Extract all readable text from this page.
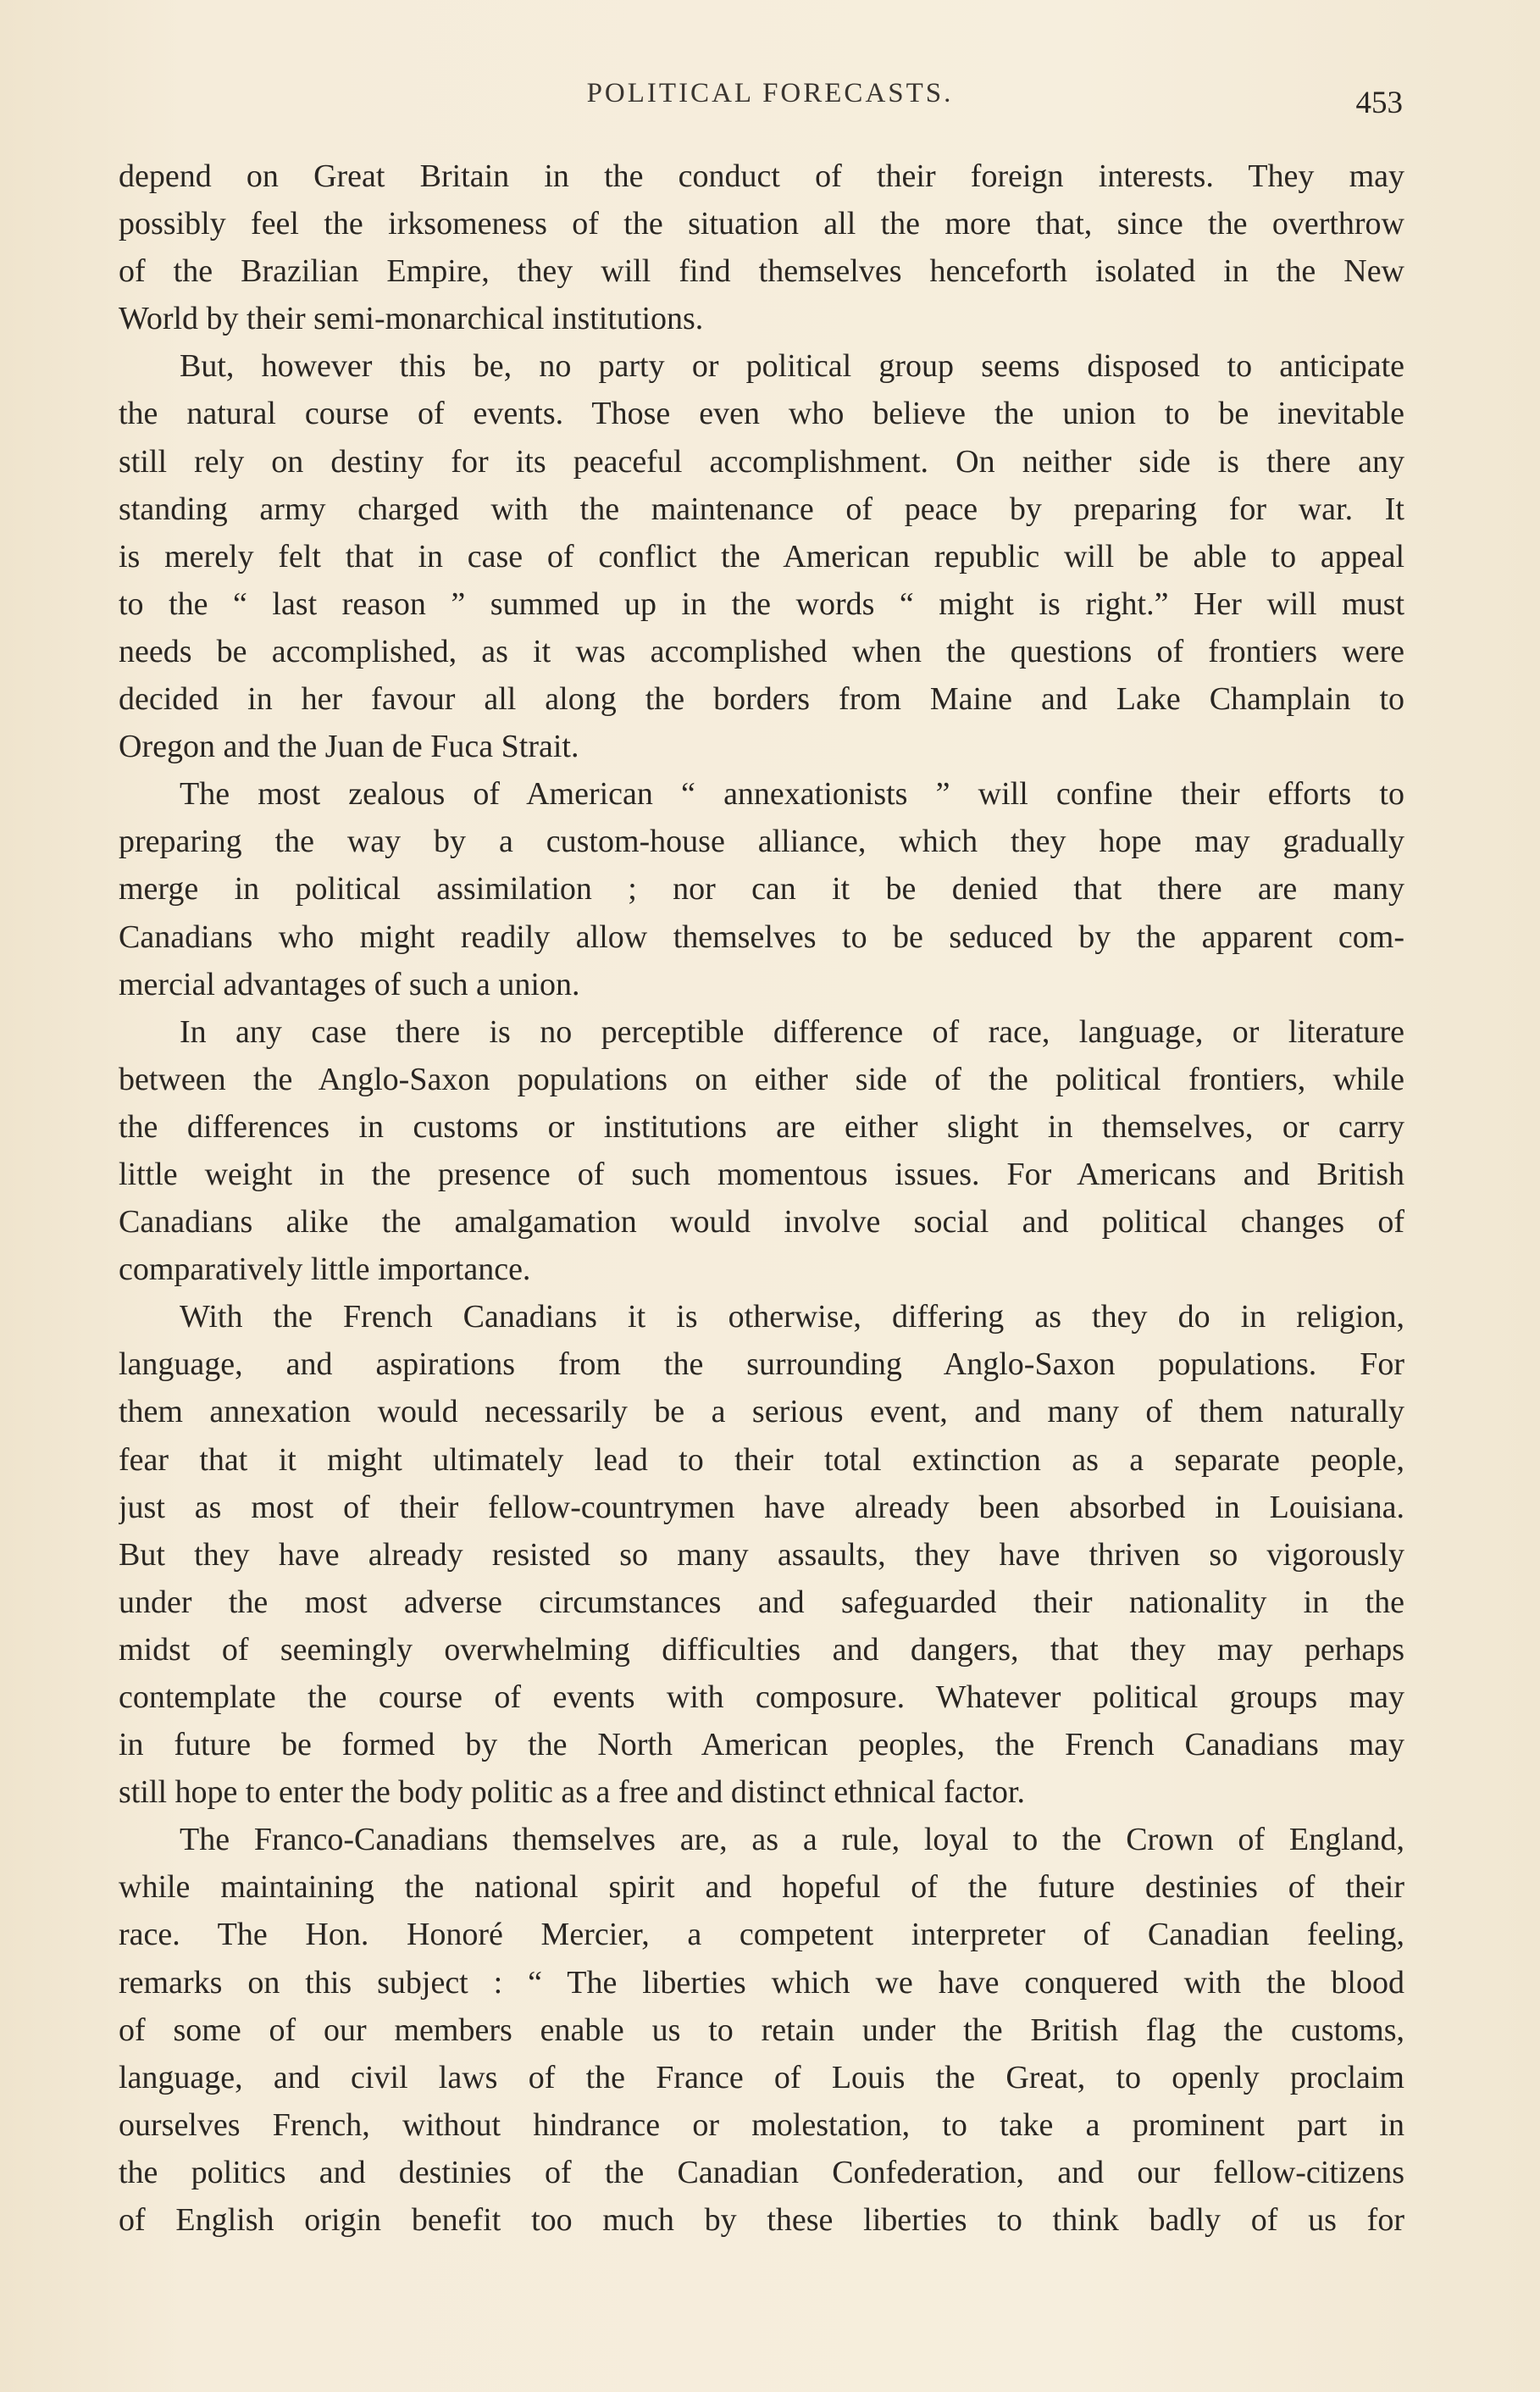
POLITICAL FORECASTS.	453
depend on Great Britain in the conduct of their foreign interests. They may
possibly feel the irksomeness of the situation all the more that, since the overthrow
of the Brazilian Empire, they will find themselves henceforth isolated in the New
World by their semi-monarchical institutions.
But, however this be, no party or political group seems disposed to anticipate
the natural course of events. Those even who believe the union to be inevitable
still rely on destiny for its peaceful accomplishment. On neither side is there any
standing army charged with the maintenance of peace by preparing for war. It
is merely felt that in case of conflict the American republic will be able to appeal
to the “ last reason ” summed up in the words “ might is right.” Her will must
needs be accomplished, as it was accomplished when the questions of frontiers were
decided in her favour all along the borders from Maine and Lake Champlain to
Oregon and the Juan de Fuca Strait.
The most zealous of American “ annexationists ” will confine their efforts to
preparing the way by a custom-house alliance, which they hope may gradually
merge in political assimilation ; nor can it be denied that there are many
Canadians who might readily allow themselves to be seduced by the apparent com-
mercial advantages of such a union.
In any case there is no perceptible difference of race, language, or literature
between the Anglo-Saxon populations on either side of the political frontiers, while
the differences in customs or institutions are either slight in themselves, or carry
little weight in the presence of such momentous issues. For Americans and British
Canadians alike the amalgamation would involve social and political changes of
comparatively little importance.
With the French Canadians it is otherwise, differing as they do in religion,
language, and aspirations from the surrounding Anglo-Saxon populations. For
them annexation would necessarily be a serious event, and many of them naturally
fear that it might ultimately lead to their total extinction as a separate people,
just as most of their fellow-countrymen have already been absorbed in Louisiana.
But they have already resisted so many assaults, they have thriven so vigorously
under the most adverse circumstances and safeguarded their nationality in the
midst of seemingly overwhelming difficulties and dangers, that they may perhaps
contemplate the course of events with composure. Whatever political groups may
in future be formed by the North American peoples, the French Canadians may
still hope to enter the body politic as a free and distinct ethnical factor.
The Franco-Canadians themselves are, as a rule, loyal to the Crown of England,
while maintaining the national spirit and hopeful of the future destinies of their
race. The Hon. Honoré Mercier, a competent interpreter of Canadian feeling,
remarks on this subject : “ The liberties which we have conquered with the blood
of some of our members enable us to retain under the British flag the customs,
language, and civil laws of the France of Louis the Great, to openly proclaim
ourselves French, without hindrance or molestation, to take a prominent part in
the politics and destinies of the Canadian Confederation, and our fellow-citizens
of English origin benefit too much by these liberties to think badly of us for
